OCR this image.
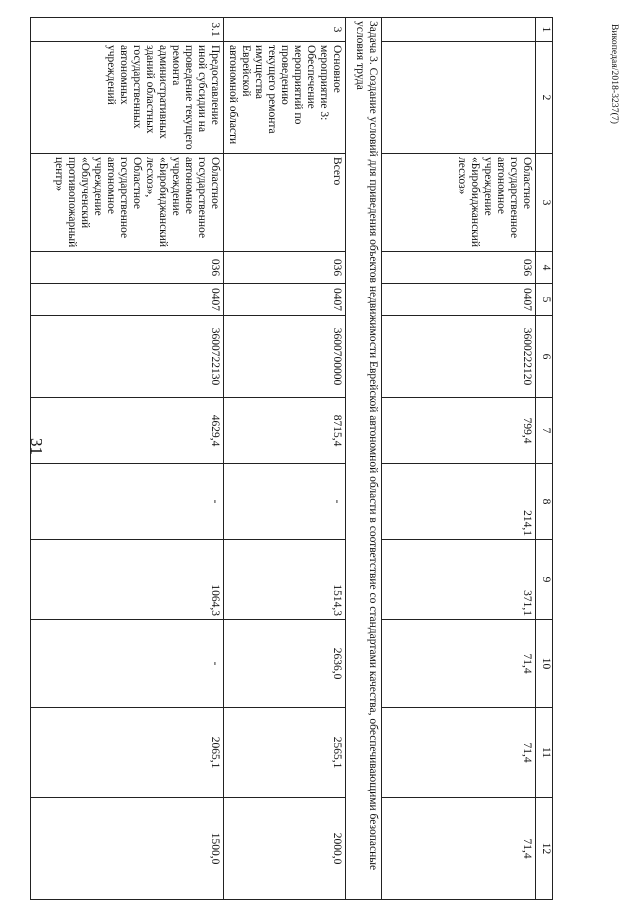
31
1	2	3	4	5	6	7	8	9	10	11	12
		Областное государственное автономное учреждение «Биробиджанский лесхоз»	036	0407	3600222120	799,4	214,1	371,1	71,4	71,4	71,4
Задача 3. Создание условий для приведения объектов недвижимости Еврейской автономной области в соответствие со стандартами качества, обеспечивающими безопасные условия труда											
3	Основное мероприятие 3: Обеспечение мероприятий по проведению текущего ремонта имущества Еврейской автономной области	Всего	036	0407	3600700000	8715,4	-	1514,3	2636,0	2565,1	2000,0
3.1	Предоставление иной субсидии на проведение текущего ремонта административных зданий областных государственных автономных учреждений	Областное государственное автономное учреждение «Биробиджанский лесхоз», Областное государственное автономное учреждение «Облученский противопожарный центр»	036	0407	3600722130	4629,4	-	1064,3	-	2065,1	1500,0
Викопедая/2018-3237(7)
